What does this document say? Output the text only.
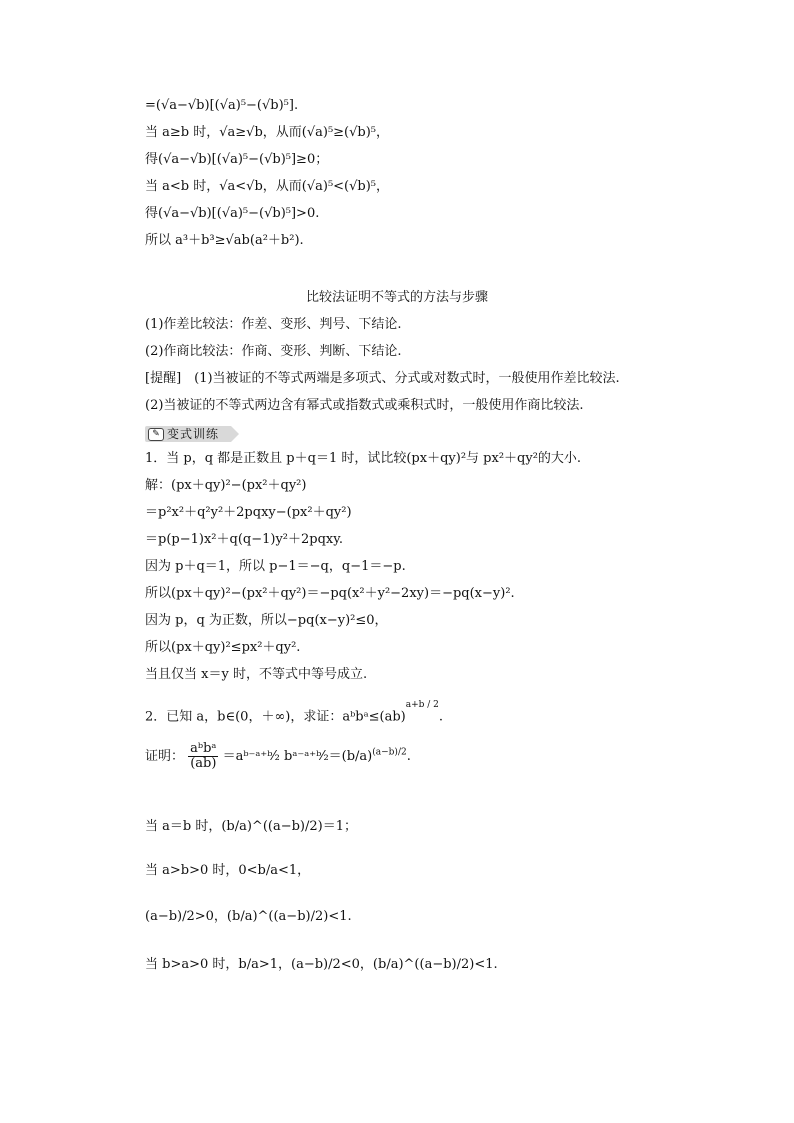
=(√a−√b)[(√a)⁵−(√b)⁵].
当 a≥b 时，√a≥√b，从而(√a)⁵≥(√b)⁵，
得(√a−√b)[(√a)⁵−(√b)⁵]≥0；
当 a<b 时，√a<√b，从而(√a)⁵<(√b)⁵，
得(√a−√b)[(√a)⁵−(√b)⁵]>0.
所以 a³＋b³≥√ab(a²＋b²).
比较法证明不等式的方法与步骤
(1)作差比较法：作差、变形、判号、下结论.
(2)作商比较法：作商、变形、判断、下结论.
[提醒]　(1)当被证的不等式两端是多项式、分式或对数式时，一般使用作差比较法.
(2)当被证的不等式两边含有幂式或指数式或乘积式时，一般使用作商比较法.
✎ 变式训练
1．当 p，q 都是正数且 p＋q＝1 时，试比较(px＋qy)²与 px²＋qy²的大小.
解：(px＋qy)²−(px²＋qy²)
＝p²x²＋q²y²＋2pqxy−(px²＋qy²)
＝p(p−1)x²＋q(q−1)y²＋2pqxy.
因为 p＋q＝1，所以 p−1＝−q，q−1＝−p.
所以(px＋qy)²−(px²＋qy²)＝−pq(x²＋y²−2xy)＝−pq(x−y)².
因为 p，q 为正数，所以−pq(x−y)²≤0，
所以(px＋qy)²≤px²＋qy².
当且仅当 x＝y 时，不等式中等号成立.
2．已知 a，b∈(0，＋∞)，求证：aᵇbᵃ≤(ab)$^{a+b / 2}$.
证明： $\frac{\text{aᵇbᵃ}}{(ab)}$ ＝aᵇ⁻ᵃ⁺ᵇ⁄₂ $bᵃ^-ᵃ^+ᵇ⁄_2=(b/a)^{(a-b)/2}$.
当 a＝b 时，(b/a)^((a−b)/2)＝1；
当 a>b>0 时，0<b/a<1，
(a−b)/2>0，(b/a)^((a−b)/2)<1.
当 b>a>0 时，b/a>1，(a−b)/2<0，(b/a)^((a−b)/2)<1.
